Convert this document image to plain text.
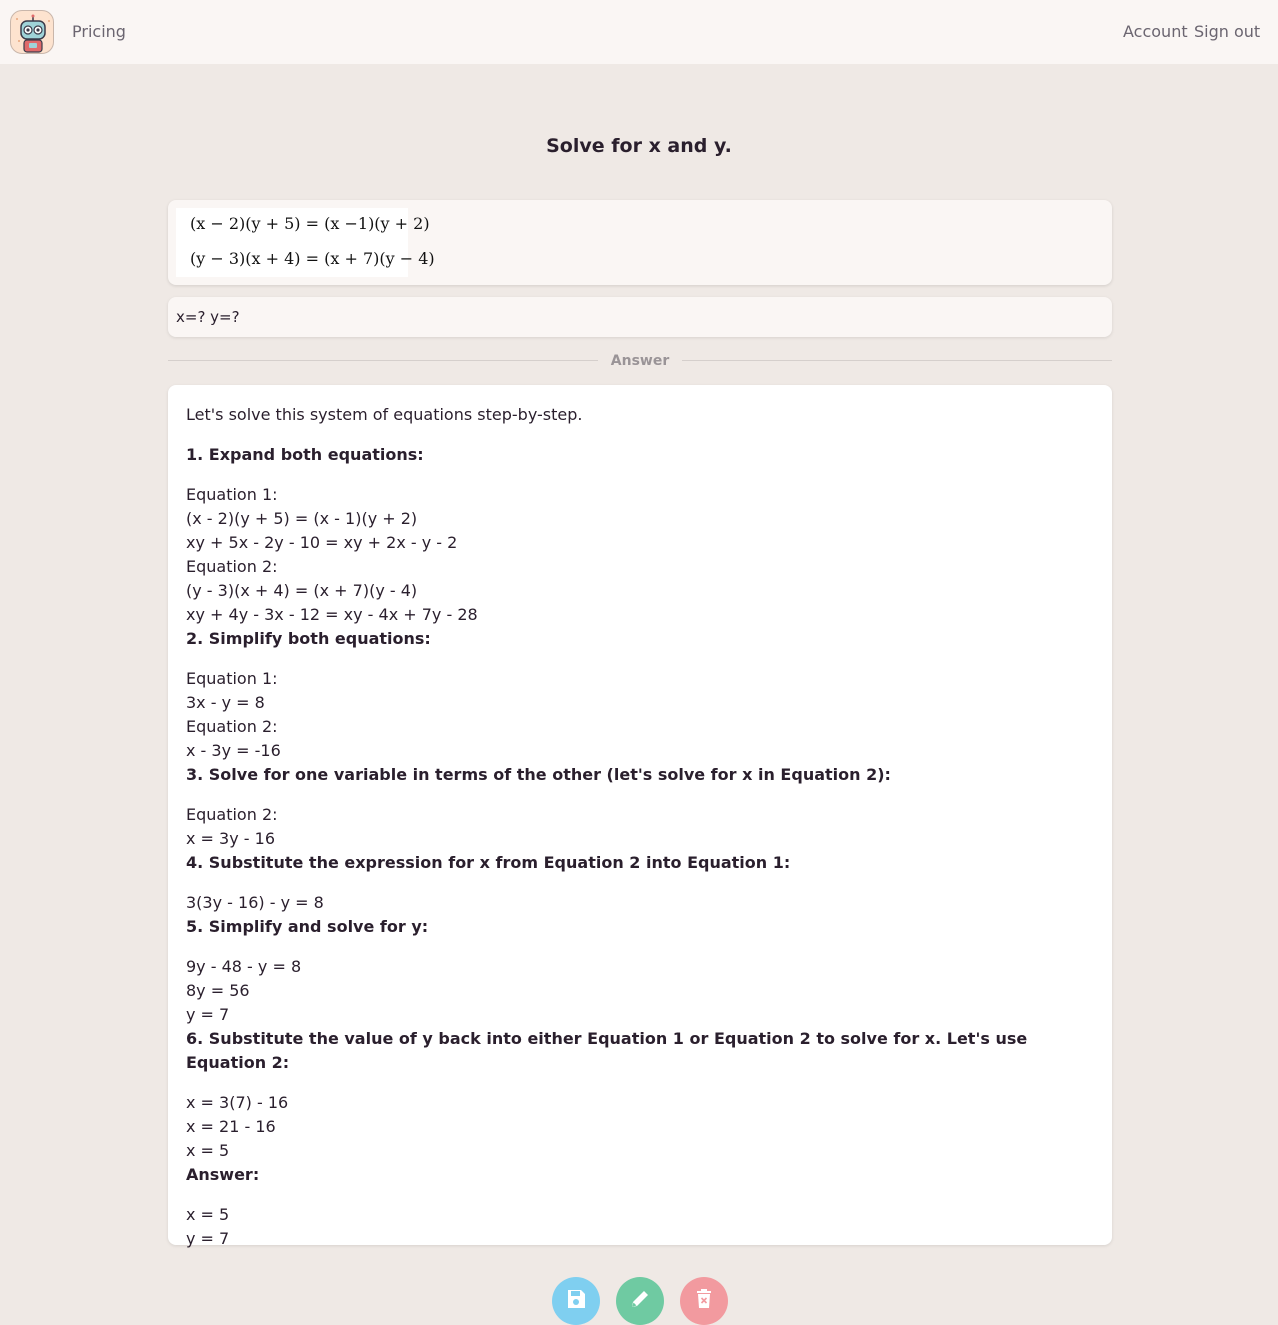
Pricing	Account Sign out
Solve for x and y.
(x − 2)(y + 5) = (x −1)(y + 2)
(y − 3)(x + 4) = (x + 7)(y − 4)
x=? y=?
Answer

Let's solve this system of equations step-by-step.

1. Expand both equations:

Equation 1:

(x - 2)(y + 5) = (x - 1)(y + 2)

xy + 5x - 2y - 10 = xy + 2x - y - 2

Equation 2:

(y - 3)(x + 4) = (x + 7)(y - 4)

xy + 4y - 3x - 12 = xy - 4x + 7y - 28

2. Simplify both equations:

Equation 1:

3x - y = 8

Equation 2:

x - 3y = -16

3. Solve for one variable in terms of the other (let's solve for x in Equation 2):

Equation 2:

x = 3y - 16

4. Substitute the expression for x from Equation 2 into Equation 1:

3(3y - 16) - y = 8

5. Simplify and solve for y:

9y - 48 - y = 8

8y = 56

y = 7

6. Substitute the value of y back into either Equation 1 or Equation 2 to solve for x. Let's use Equation 2:

x = 3(7) - 16

x = 21 - 16

x = 5

Answer:

x = 5

y = 7
